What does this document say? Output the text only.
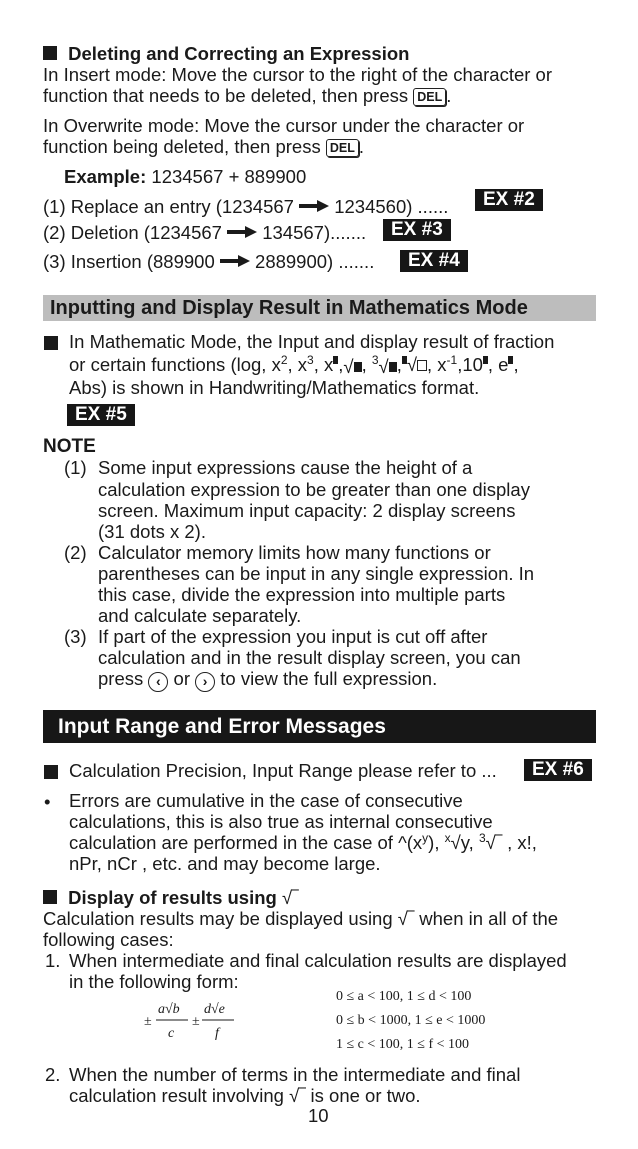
Deleting and Correcting an Expression
In Insert mode: Move the cursor to the right of the character or
function that needs to be deleted, then press DEL .
In Overwrite mode: Move the cursor under the character or
function being deleted, then press DEL .
Example: 1234567 + 889900
(1) Replace an entry (1234567 1234560) ......	EX #2
(2) Deletion (1234567 134567).......	EX #3
(3) Insertion (889900 2889900) .......	EX #4
Inputting and Display Result in Mathematics Mode
In Mathematic Mode, the Input and display result of fraction
or certain functions (log, $x^2$, $x^3$, x ,√ , $^3$√ , √ , $x^{-1},10$ , e ,
Abs) is shown in Handwriting/Mathematics format.
EX #5
NOTE
(1) Some input expressions cause the height of a
calculation expression to be greater than one display
screen. Maximum input capacity: 2 display screens
(31 dots x 2).
(2) Calculator memory limits how many functions or
parentheses can be input in any single expression. In
this case, divide the expression into multiple parts
and calculate separately.
(3) If part of the expression you input is cut off after
calculation and in the result display screen, you can
press ‹ or › to view the full expression.
Input Range and Error Messages
Calculation Precision, Input Range please refer to ...	EX #6
• Errors are cumulative in the case of consecutive
calculations, this is also true as internal consecutive
calculation are performed in the case of $\^{}(x^y)$, $^x$√y, $^3$√‾ , x!,
nPr, nCr , etc. and may become large.
Display of results using √‾
Calculation results may be displayed using √‾ when in all of the
following cases:
1. When intermediate and final calculation results are displayed
in the following form:
±
a√b
c
±
d√e
f
0 ≤ a < 100, 1 ≤ d < 100
0 ≤ b < 1000, 1 ≤ e < 1000
1 ≤ c < 100, 1 ≤ f < 100
2. When the number of terms in the intermediate and final
calculation result involving √‾ is one or two.
10
